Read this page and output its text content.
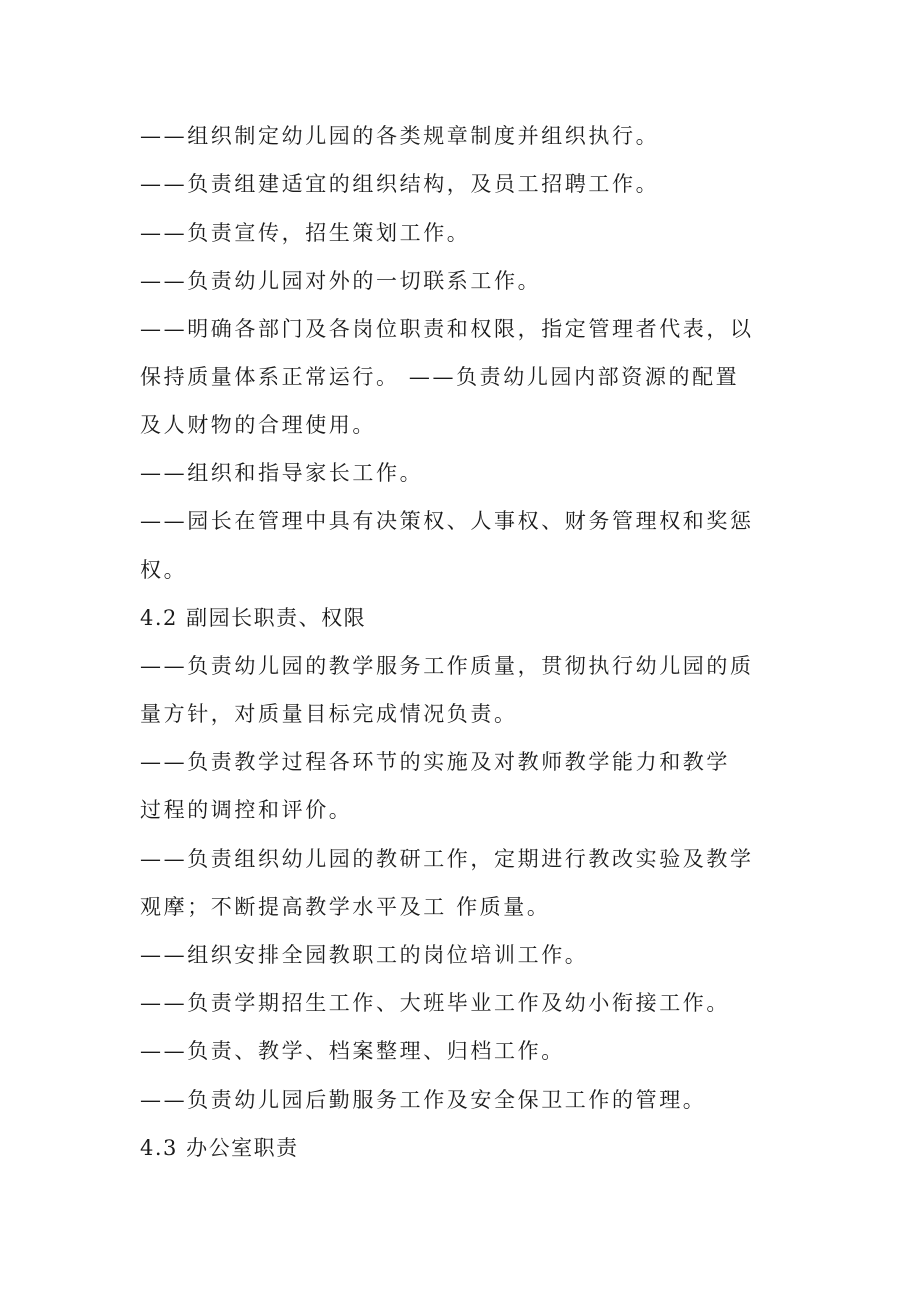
——组织制定幼儿园的各类规章制度并组织执行。
——负责组建适宜的组织结构，及员工招聘工作。
——负责宣传，招生策划工作。
——负责幼儿园对外的一切联系工作。
——明确各部门及各岗位职责和权限，指定管理者代表，以
保持质量体系正常运行。 ——负责幼儿园内部资源的配置
及人财物的合理使用。
——组织和指导家长工作。
——园长在管理中具有决策权、人事权、财务管理权和奖惩
权。
4.2 副园长职责、权限
——负责幼儿园的教学服务工作质量，贯彻执行幼儿园的质
量方针，对质量目标完成情况负责。
——负责教学过程各环节的实施及对教师教学能力和教学
过程的调控和评价。
——负责组织幼儿园的教研工作，定期进行教改实验及教学
观摩；不断提高教学水平及工 作质量。
——组织安排全园教职工的岗位培训工作。
——负责学期招生工作、大班毕业工作及幼小衔接工作。
——负责、教学、档案整理、归档工作。
——负责幼儿园后勤服务工作及安全保卫工作的管理。
4.3 办公室职责
